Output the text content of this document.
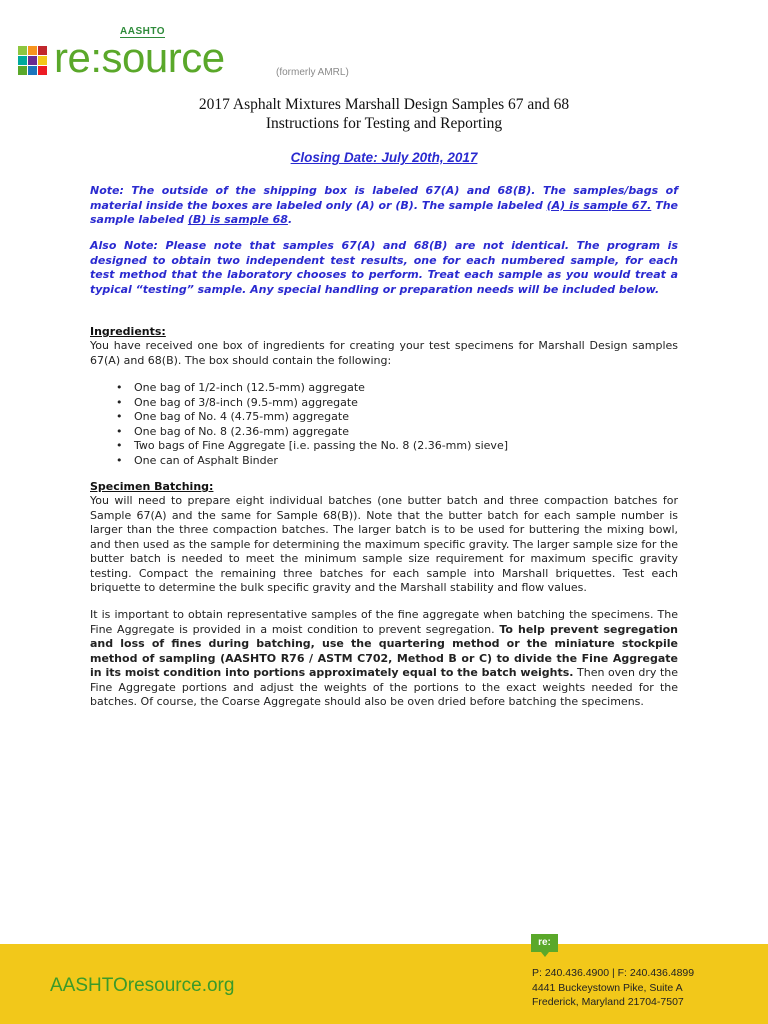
AASHTO
re:source	(formerly AMRL)
2017 Asphalt Mixtures Marshall Design Samples 67 and 68
Instructions for Testing and Reporting
Closing Date: July 20th, 2017

Note: The outside of the shipping box is labeled 67(A) and 68(B). The samples/bags of material inside the boxes are labeled only (A) or (B). The sample labeled (A) is sample 67. The sample labeled (B) is sample 68.

Also Note: Please note that samples 67(A) and 68(B) are not identical. The program is designed to obtain two independent test results, one for each numbered sample, for each test method that the laboratory chooses to perform. Treat each sample as you would treat a typical “testing” sample. Any special handling or preparation needs will be included below.

Ingredients:

You have received one box of ingredients for creating your test specimens for Marshall Design samples 67(A) and 68(B). The box should contain the following:

• One bag of 1/2-inch (12.5-mm) aggregate
• One bag of 3/8-inch (9.5-mm) aggregate
• One bag of No. 4 (4.75-mm) aggregate
• One bag of No. 8 (2.36-mm) aggregate
• Two bags of Fine Aggregate [i.e. passing the No. 8 (2.36-mm) sieve]
• One can of Asphalt Binder
Specimen Batching:

You will need to prepare eight individual batches (one butter batch and three compaction batches for Sample 67(A) and the same for Sample 68(B)). Note that the butter batch for each sample number is larger than the three compaction batches. The larger batch is to be used for buttering the mixing bowl, and then used as the sample for determining the maximum specific gravity. The larger sample size for the butter batch is needed to meet the minimum sample size requirement for maximum specific gravity testing. Compact the remaining three batches for each sample into Marshall briquettes. Test each briquette to determine the bulk specific gravity and the Marshall stability and flow values.

It is important to obtain representative samples of the fine aggregate when batching the specimens. The Fine Aggregate is provided in a moist condition to prevent segregation. To help prevent segregation and loss of fines during batching, use the quartering method or the miniature stockpile method of sampling (AASHTO R76 / ASTM C702, Method B or C) to divide the Fine Aggregate in its moist condition into portions approximately equal to the batch weights. Then oven dry the Fine Aggregate portions and adjust the weights of the portions to the exact weights needed for the batches. Of course, the Coarse Aggregate should also be oven dried before batching the specimens.

AASHTOresource.org
P: 240.436.4900 | F: 240.436.4899
4441 Buckeystown Pike, Suite A
Frederick, Maryland 21704-7507
re:
